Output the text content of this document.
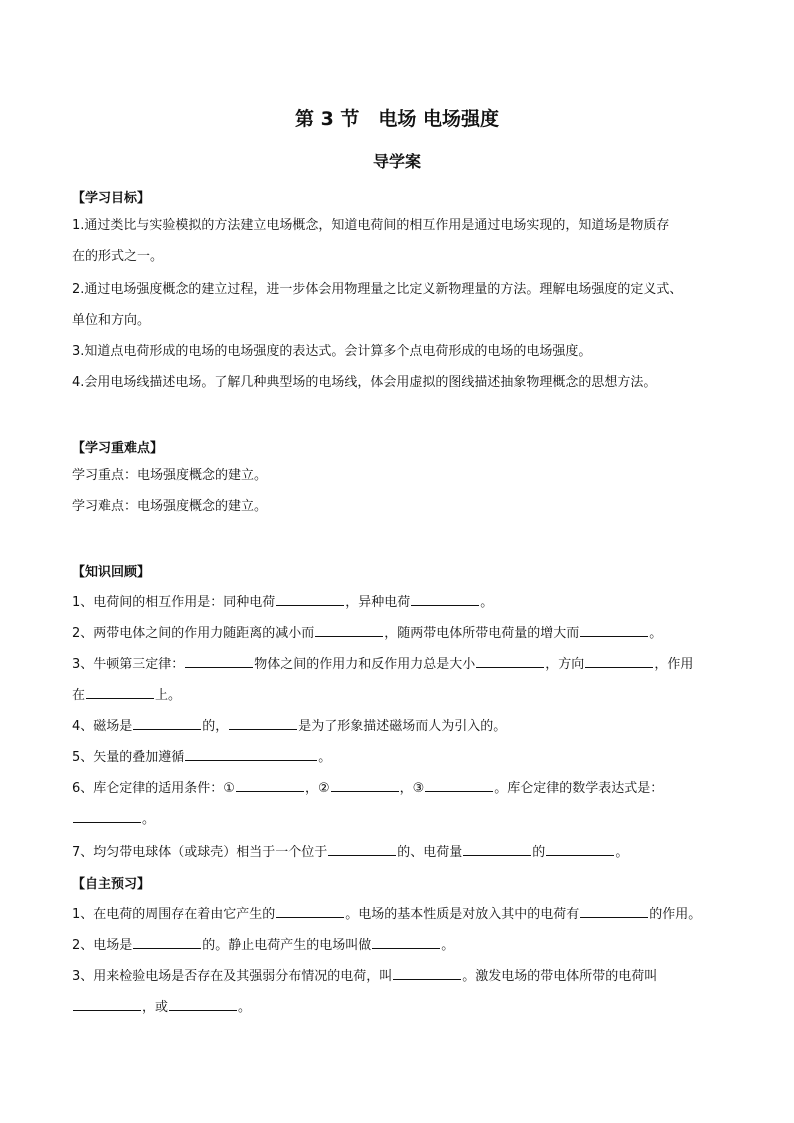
第 3 节　电场 电场强度
导学案
【学习目标】
1.通过类比与实验模拟的方法建立电场概念，知道电荷间的相互作用是通过电场实现的，知道场是物质存
在的形式之一。
2.通过电场强度概念的建立过程，进一步体会用物理量之比定义新物理量的方法。理解电场强度的定义式、
单位和方向。
3.知道点电荷形成的电场的电场强度的表达式。会计算多个点电荷形成的电场的电场强度。
4.会用电场线描述电场。了解几种典型场的电场线，体会用虚拟的图线描述抽象物理概念的思想方法。
【学习重难点】
学习重点：电场强度概念的建立。
学习难点：电场强度概念的建立。
【知识回顾】
1、电荷间的相互作用是：同种电荷	，异种电荷	。
2、两带电体之间的作用力随距离的减小而	，随两带电体所带电荷量的增大而	。
3、牛顿第三定律：	物体之间的作用力和反作用力总是大小	，方向	，作用
在	上。
4、磁场是	的，	是为了形象描述磁场而人为引入的。
5、矢量的叠加遵循	。
6、库仑定律的适用条件：①	，②	，③	。库仑定律的数学表达式是：
。
7、均匀带电球体（或球壳）相当于一个位于	的、电荷量	的	。
【自主预习】
1、在电荷的周围存在着由它产生的	。电场的基本性质是对放入其中的电荷有	的作用。
2、电场是	的。静止电荷产生的电场叫做	。
3、用来检验电场是否存在及其强弱分布情况的电荷，叫	。激发电场的带电体所带的电荷叫
，或	。
